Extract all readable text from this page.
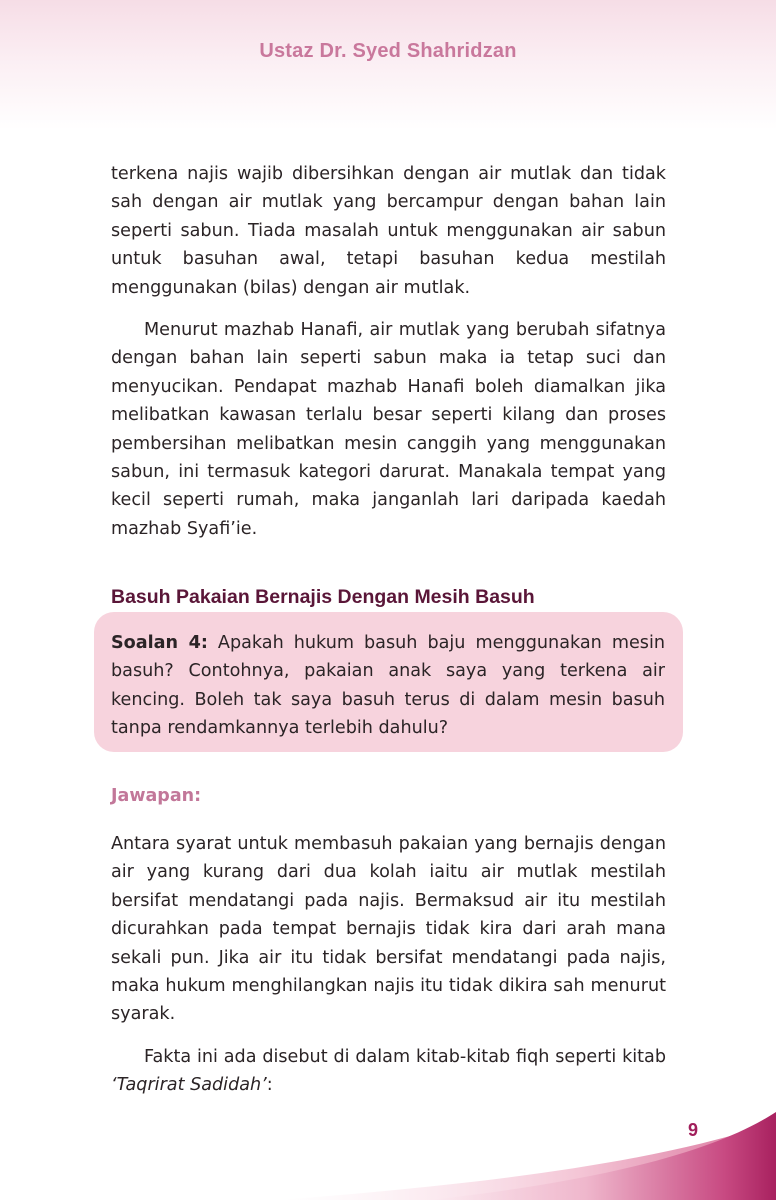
Ustaz Dr. Syed Shahridzan

terkena najis wajib dibersihkan dengan air mutlak dan tidak sah dengan air mutlak yang bercampur dengan bahan lain seperti sabun. Tiada masalah untuk menggunakan air sabun untuk basuhan awal, tetapi basuhan kedua mestilah menggunakan (bilas) dengan air mutlak.

Menurut mazhab Hanafi, air mutlak yang berubah sifatnya dengan bahan lain seperti sabun maka ia tetap suci dan menyucikan. Pendapat mazhab Hanafi boleh diamalkan jika melibatkan kawasan terlalu besar seperti kilang dan proses pembersihan melibatkan mesin canggih yang menggunakan sabun, ini termasuk kategori darurat. Manakala tempat yang kecil seperti rumah, maka janganlah lari daripada kaedah mazhab Syafi’ie.

Basuh Pakaian Bernajis Dengan Mesih Basuh
Soalan 4: Apakah hukum basuh baju menggunakan mesin basuh? Contohnya, pakaian anak saya yang terkena air kencing. Boleh tak saya basuh terus di dalam mesin basuh tanpa rendamkannya terlebih dahulu?
Jawapan:

Antara syarat untuk membasuh pakaian yang bernajis dengan air yang kurang dari dua kolah iaitu air mutlak mestilah bersifat mendatangi pada najis. Bermaksud air itu mestilah dicurahkan pada tempat bernajis tidak kira dari arah mana sekali pun. Jika air itu tidak bersifat mendatangi pada najis, maka hukum menghilangkan najis itu tidak dikira sah menurut syarak.

Fakta ini ada disebut di dalam kitab-kitab fiqh seperti kitab ‘Taqrirat Sadidah’:

9
